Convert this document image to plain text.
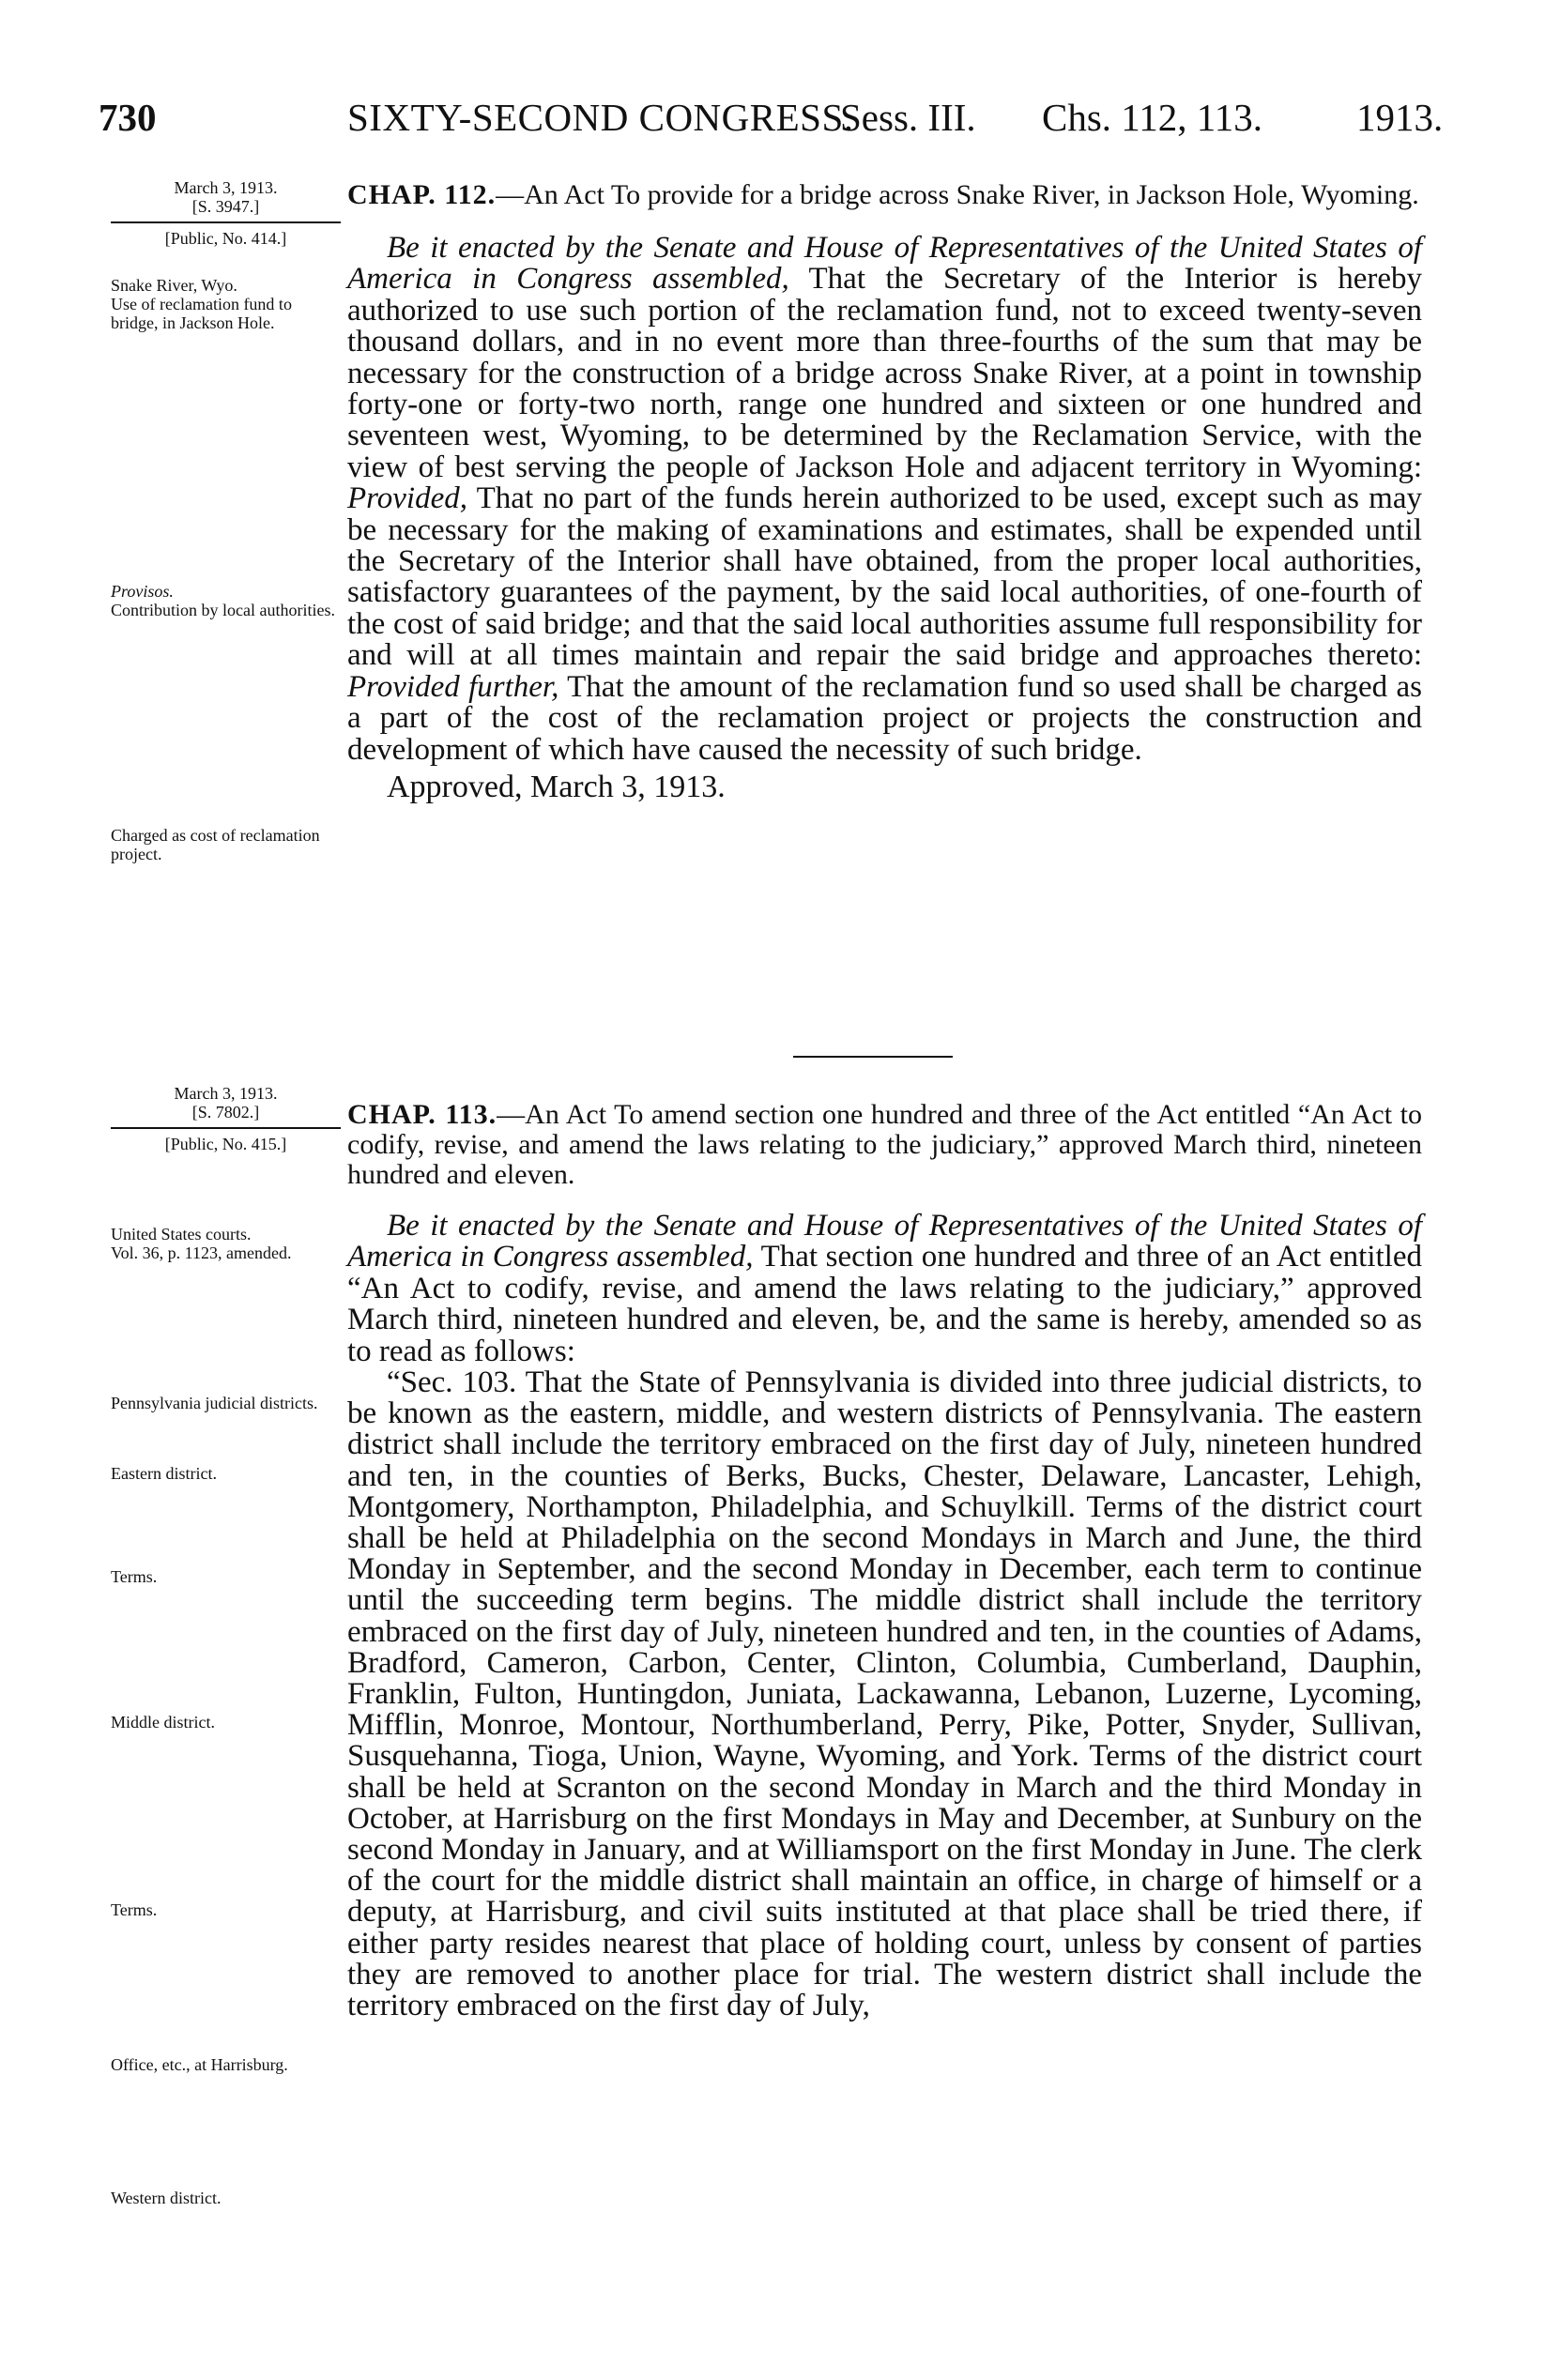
730	SIXTY-SECOND CONGRESS.
Sess. III. Chs. 112, 113. 1913.
March 3, 1913.
[S. 3947.]
[Public, No. 414.]
Snake River, Wyo.
Use of reclamation fund to bridge, in Jackson Hole.
Provisos.
Contribution by local authorities.
Charged as cost of reclamation project.
CHAP. 112.—An Act To provide for a bridge across Snake River, in Jackson Hole, Wyoming.

Be it enacted by the Senate and House of Representatives of the United States of America in Congress assembled, That the Secretary of the Interior is hereby authorized to use such portion of the reclamation fund, not to exceed twenty-seven thousand dollars, and in no event more than three-fourths of the sum that may be necessary for the construction of a bridge across Snake River, at a point in township forty-one or forty-two north, range one hundred and sixteen or one hundred and seventeen west, Wyoming, to be determined by the Reclamation Service, with the view of best serving the people of Jackson Hole and adjacent territory in Wyoming: Provided, That no part of the funds herein authorized to be used, except such as may be necessary for the making of examinations and estimates, shall be expended until the Secretary of the Interior shall have obtained, from the proper local authorities, satisfactory guarantees of the payment, by the said local authorities, of one-fourth of the cost of said bridge; and that the said local authorities assume full responsibility for and will at all times maintain and repair the said bridge and approaches thereto: Provided further, That the amount of the reclamation fund so used shall be charged as a part of the cost of the reclamation project or projects the construction and development of which have caused the necessity of such bridge.

Approved, March 3, 1913.
March 3, 1913.
[S. 7802.]
[Public, No. 415.]
United States courts.
Vol. 36, p. 1123, amended.
Pennsylvania judicial districts.
Eastern district.
Terms.
Middle district.
Terms.
Office, etc., at Harrisburg.
Western district.
CHAP. 113.—An Act To amend section one hundred and three of the Act entitled “An Act to codify, revise, and amend the laws relating to the judiciary,” approved March third, nineteen hundred and eleven.

Be it enacted by the Senate and House of Representatives of the United States of America in Congress assembled, That section one hundred and three of an Act entitled “An Act to codify, revise, and amend the laws relating to the judiciary,” approved March third, nineteen hundred and eleven, be, and the same is hereby, amended so as to read as follows:

“Sec. 103. That the State of Pennsylvania is divided into three judicial districts, to be known as the eastern, middle, and western districts of Pennsylvania. The eastern district shall include the territory embraced on the first day of July, nineteen hundred and ten, in the counties of Berks, Bucks, Chester, Delaware, Lancaster, Lehigh, Montgomery, Northampton, Philadelphia, and Schuylkill. Terms of the district court shall be held at Philadelphia on the second Mondays in March and June, the third Monday in September, and the second Monday in December, each term to continue until the succeeding term begins. The middle district shall include the territory embraced on the first day of July, nineteen hundred and ten, in the counties of Adams, Bradford, Cameron, Carbon, Center, Clinton, Columbia, Cumberland, Dauphin, Franklin, Fulton, Huntingdon, Juniata, Lackawanna, Lebanon, Luzerne, Lycoming, Mifflin, Monroe, Montour, Northumberland, Perry, Pike, Potter, Snyder, Sullivan, Susquehanna, Tioga, Union, Wayne, Wyoming, and York. Terms of the district court shall be held at Scranton on the second Monday in March and the third Monday in October, at Harrisburg on the first Mondays in May and December, at Sunbury on the second Monday in January, and at Williamsport on the first Monday in June. The clerk of the court for the middle district shall maintain an office, in charge of himself or a deputy, at Harrisburg, and civil suits instituted at that place shall be tried there, if either party resides nearest that place of holding court, unless by consent of parties they are removed to another place for trial. The western district shall include the territory embraced on the first day of July,
